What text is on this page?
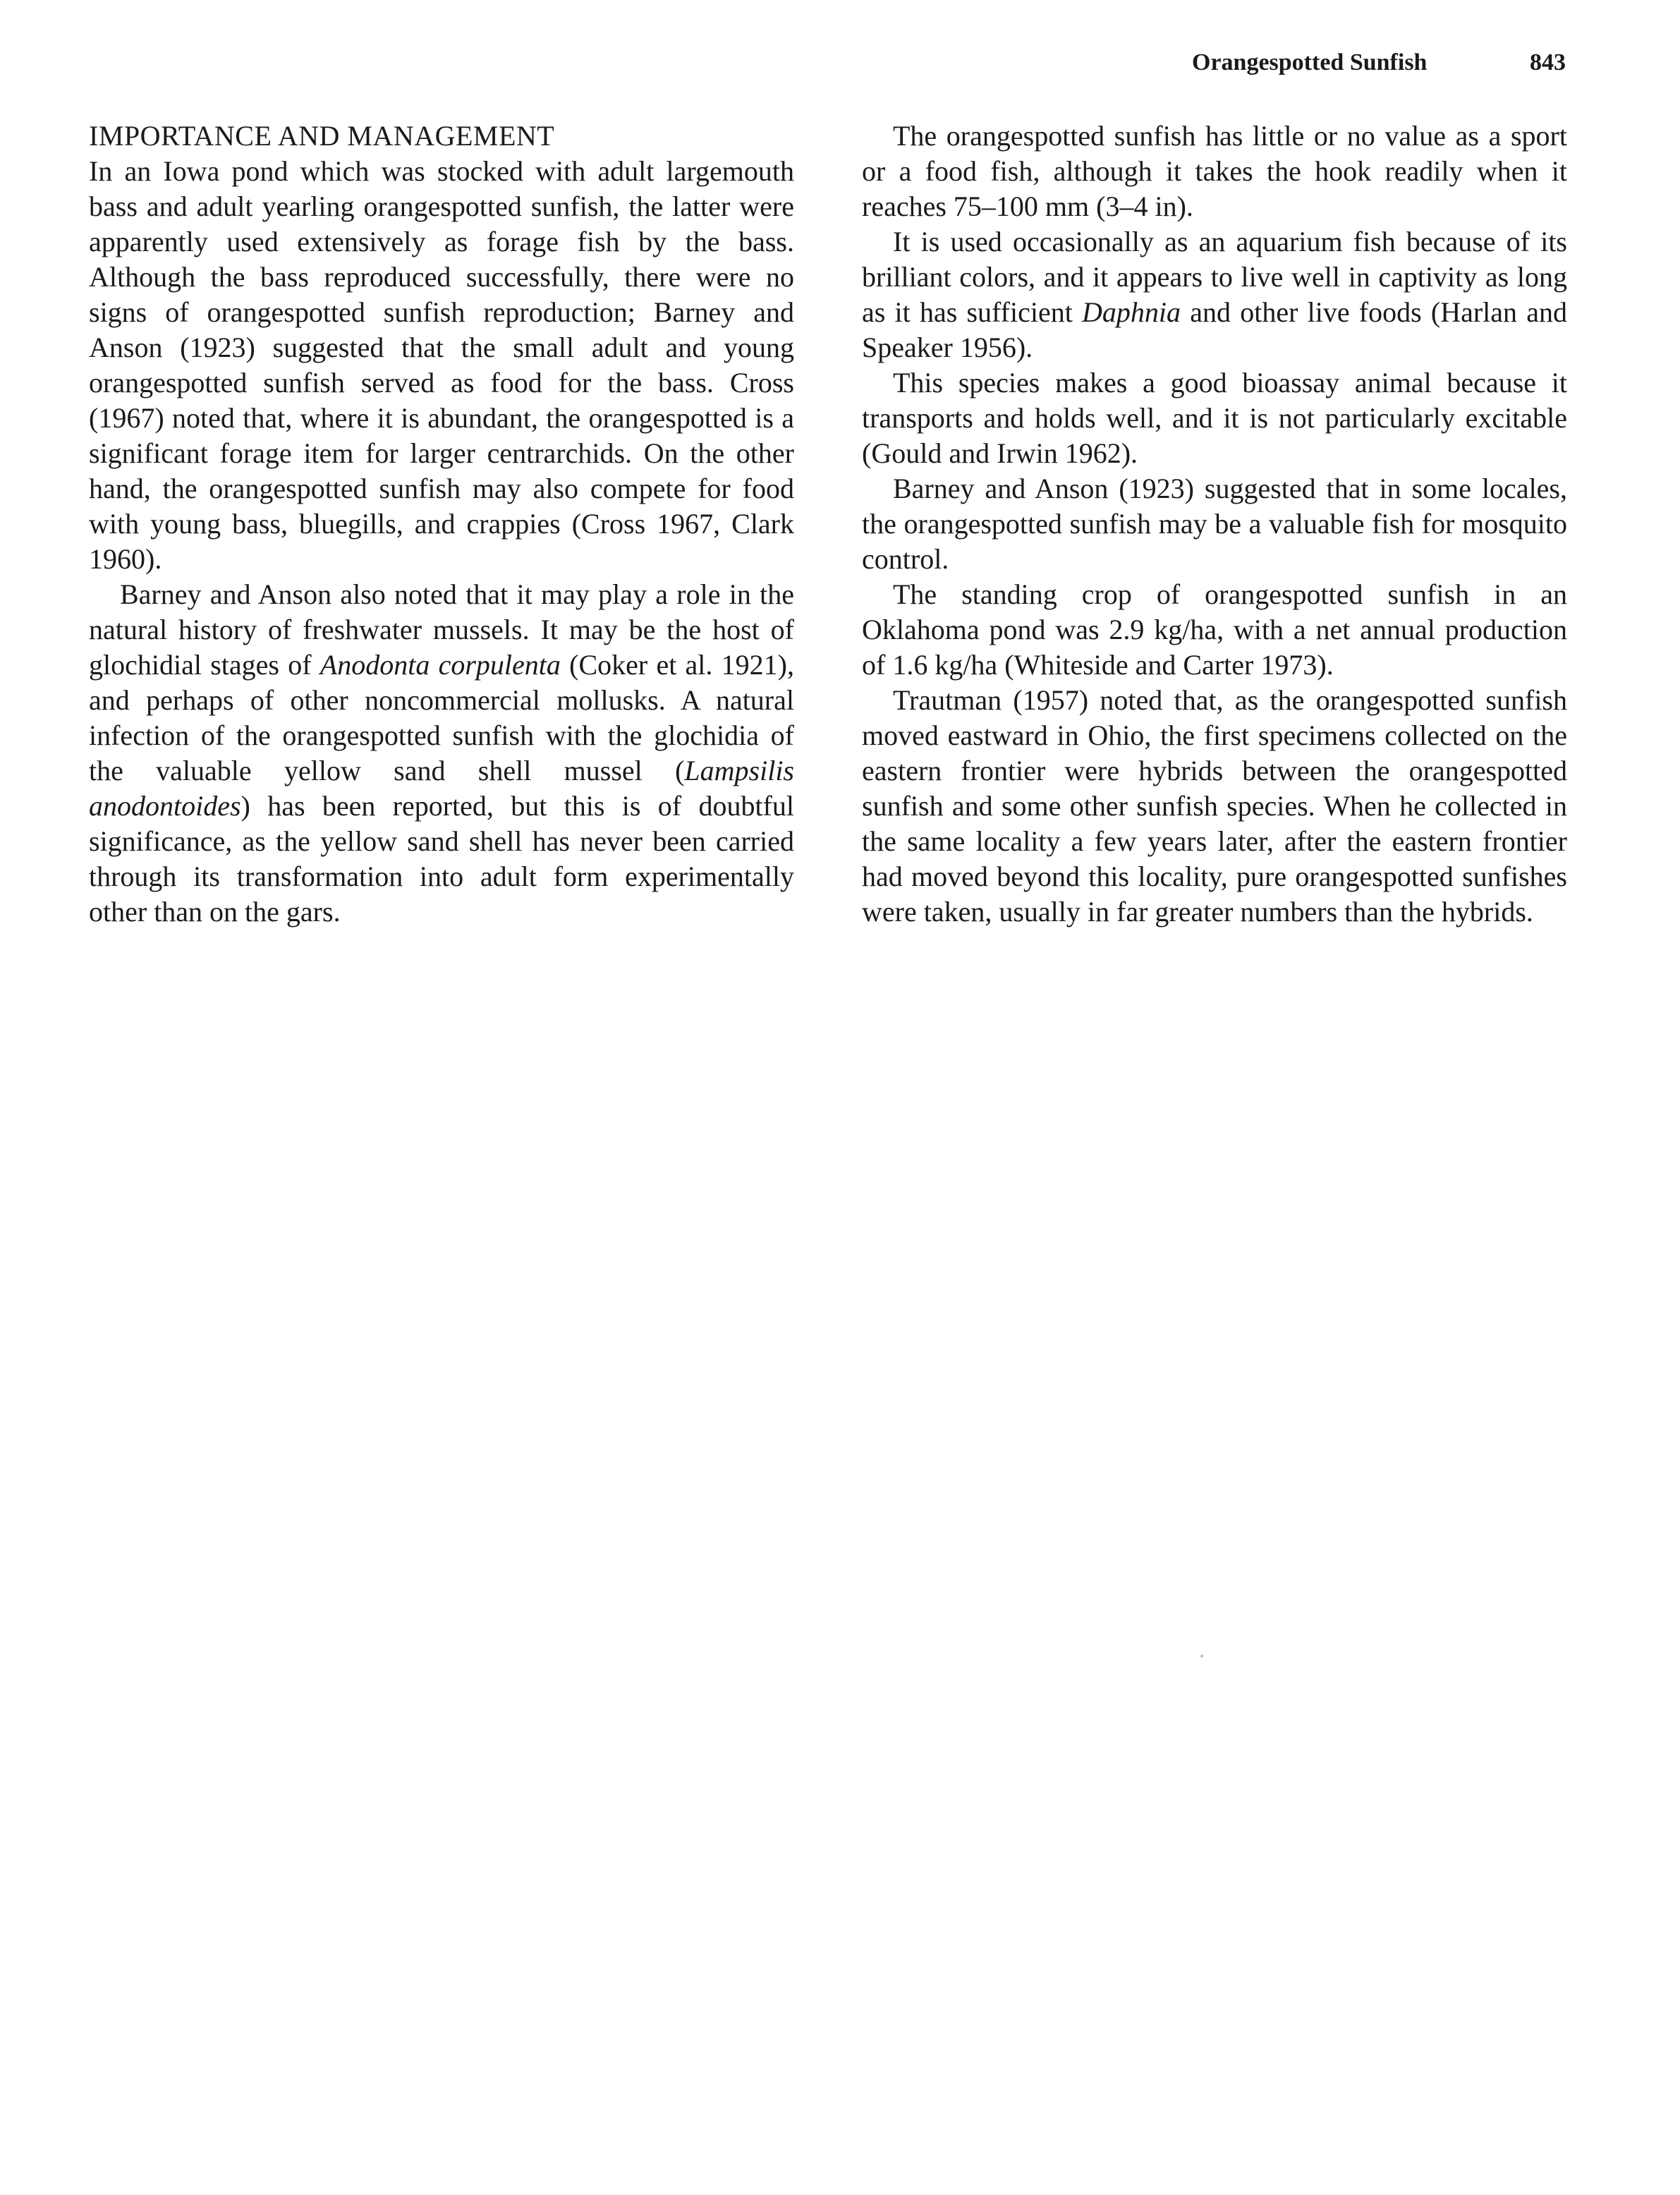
Orangespotted Sunfish	843
IMPORTANCE AND MANAGEMENT

In an Iowa pond which was stocked with adult largemouth bass and adult yearling orangespotted sunfish, the latter were apparently used extensively as forage fish by the bass. Although the bass reproduced successfully, there were no signs of orangespotted sunfish reproduction; Barney and Anson (1923) suggested that the small adult and young orangespotted sunfish served as food for the bass. Cross (1967) noted that, where it is abundant, the orangespotted is a significant forage item for larger centrarchids. On the other hand, the orangespotted sunfish may also compete for food with young bass, bluegills, and crappies (Cross 1967, Clark 1960).

Barney and Anson also noted that it may play a role in the natural history of freshwater mussels. It may be the host of glochidial stages of Anodonta corpulenta (Coker et al. 1921), and perhaps of other noncommercial mollusks. A natural infection of the orangespotted sunfish with the glochidia of the valuable yellow sand shell mussel (Lampsilis anodontoides) has been reported, but this is of doubtful significance, as the yellow sand shell has never been carried through its transformation into adult form experimentally other than on the gars.

The orangespotted sunfish has little or no value as a sport or a food fish, although it takes the hook readily when it reaches 75–100 mm (3–4 in).

It is used occasionally as an aquarium fish because of its brilliant colors, and it appears to live well in captivity as long as it has sufficient Daphnia and other live foods (Harlan and Speaker 1956).

This species makes a good bioassay animal because it transports and holds well, and it is not particularly excitable (Gould and Irwin 1962).

Barney and Anson (1923) suggested that in some locales, the orangespotted sunfish may be a valuable fish for mosquito control.

The standing crop of orangespotted sunfish in an Oklahoma pond was 2.9 kg/ha, with a net annual production of 1.6 kg/ha (Whiteside and Carter 1973).

Trautman (1957) noted that, as the orangespotted sunfish moved eastward in Ohio, the first specimens collected on the eastern frontier were hybrids between the orangespotted sunfish and some other sunfish species. When he collected in the same locality a few years later, after the eastern frontier had moved beyond this locality, pure orangespotted sunfishes were taken, usually in far greater numbers than the hybrids.
